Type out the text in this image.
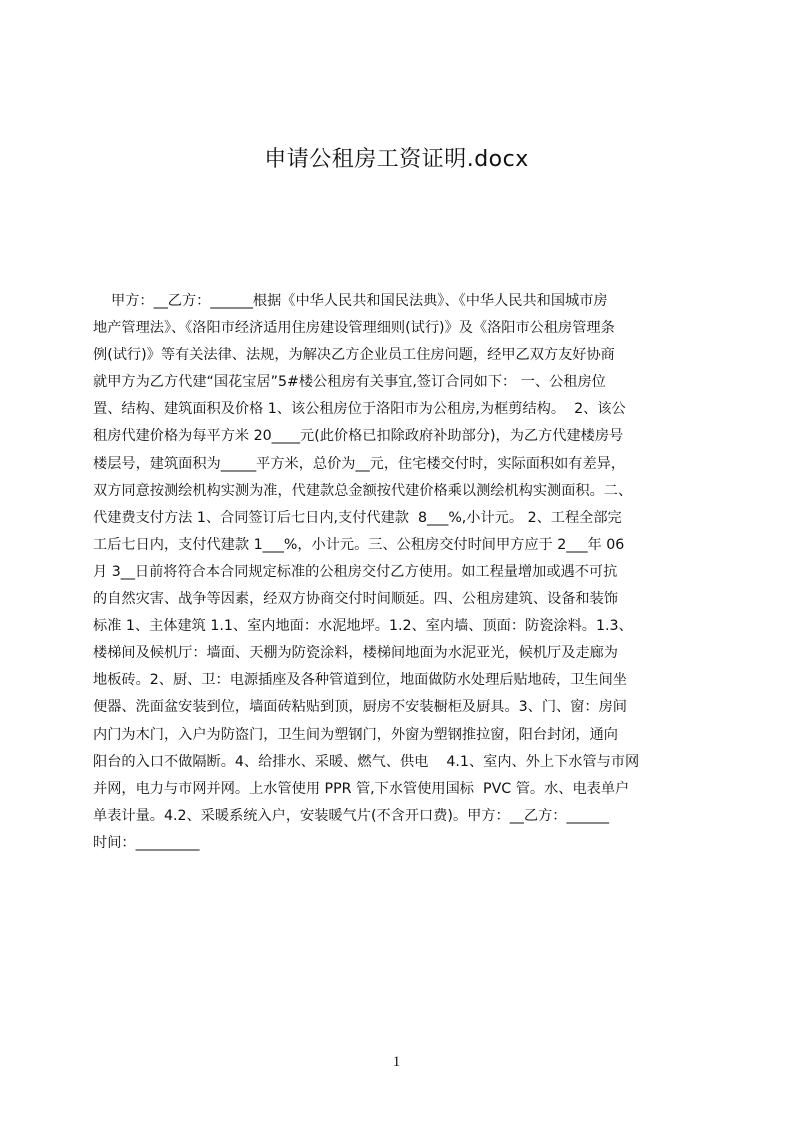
申请公租房工资证明.docx
甲方：__乙方：______根据《中华人民共和国民法典》、《中华人民共和国城市房
地产管理法》、《洛阳市经济适用住房建设管理细则(试行)》及《洛阳市公租房管理条
例(试行)》等有关法律、法规，为解决乙方企业员工住房问题，经甲乙双方友好协商
就甲方为乙方代建“国花宝居”5#楼公租房有关事宜,签订合同如下： 一、公租房位
置、结构、建筑面积及价格 1、该公租房位于洛阳市为公租房,为框剪结构。  2、该公
租房代建价格为每平方米 20____元(此价格已扣除政府补助部分)，为乙方代建楼房号
楼层号，建筑面积为_____平方米，总价为__元，住宅楼交付时，实际面积如有差异，
双方同意按测绘机构实测为准，代建款总金额按代建价格乘以测绘机构实测面积。二、
代建费支付方法 1、合同签订后七日内,支付代建款  8___%,小计元。 2、工程全部完
工后七日内，支付代建款 1___%，小计元。三、公租房交付时间甲方应于 2___年 06
月 3__日前将符合本合同规定标准的公租房交付乙方使用。如工程量增加或遇不可抗
的自然灾害、战争等因素，经双方协商交付时间顺延。四、公租房建筑、设备和装饰
标准 1、主体建筑 1.1、室内地面：水泥地坪。1.2、室内墙、顶面：防瓷涂料。1.3、
楼梯间及候机厅：墙面、天棚为防瓷涂料，楼梯间地面为水泥亚光，候机厅及走廊为
地板砖。2、厨、卫：电源插座及各种管道到位，地面做防水处理后贴地砖，卫生间坐
便器、洗面盆安装到位，墙面砖粘贴到顶，厨房不安装橱柜及厨具。3、门、窗：房间
内门为木门，入户为防盗门，卫生间为塑钢门，外窗为塑钢推拉窗，阳台封闭，通向
阳台的入口不做隔断。4、给排水、采暖、燃气、供电    4.1、室内、外上下水管与市网
并网，电力与市网并网。上水管使用 PPR 管,下水管使用国标  PVC 管。水、电表单户
单表计量。4.2、采暖系统入户，安装暖气片(不含开口费)。甲方：__乙方：______
时间：_________
1
